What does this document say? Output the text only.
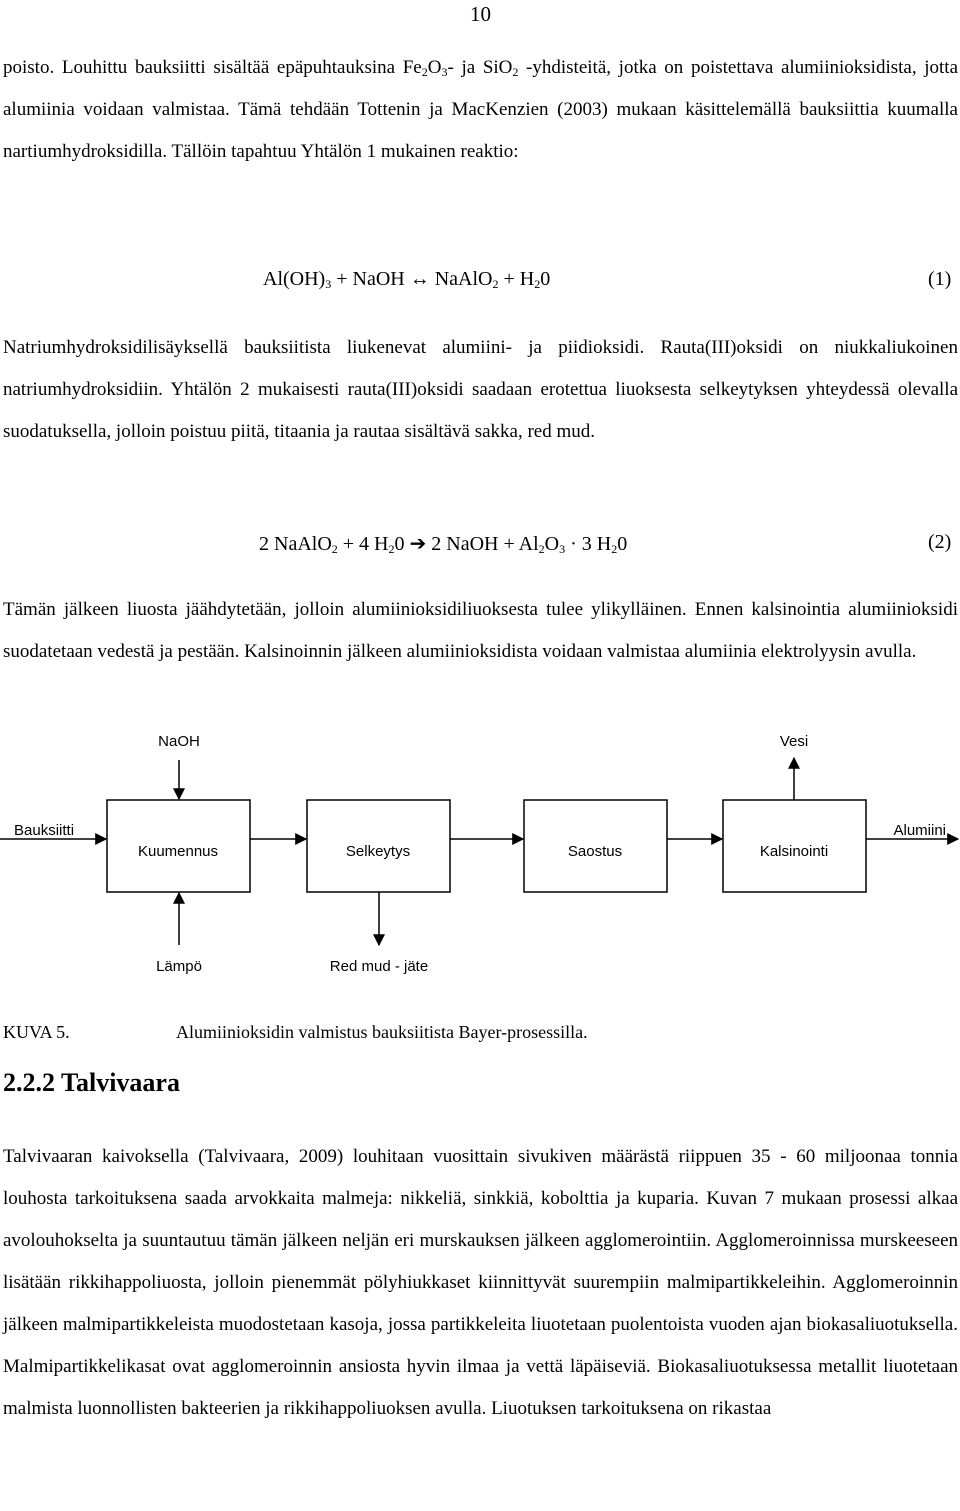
10

poisto. Louhittu bauksiitti sisältää epäpuhtauksina $Fe_2O_3-$ ja SiO$_2$ -yhdisteitä, jotka on poistettava alumiinioksidista, jotta alumiinia voidaan valmistaa. Tämä tehdään Tottenin ja MacKenzien (2003) mukaan käsittelemällä bauksiittia kuumalla nartiumhydroksidilla. Tällöin tapahtuu Yhtälön 1 mukainen reaktio:

$Al(OH)_3$ + NaOH ↔ NaAlO$_2$ + $H_20$	(1)

Natriumhydroksidilisäyksellä bauksiitista liukenevat alumiini- ja piidioksidi. Rauta(III)oksidi on niukkaliukoinen natriumhydroksidiin. Yhtälön 2 mukaisesti rauta(III)oksidi saadaan erotettua liuoksesta selkeytyksen yhteydessä olevalla suodatuksella, jolloin poistuu piitä, titaania ja rautaa sisältävä sakka, red mud.

2 NaAlO$_2$ + 4 $H_20$ ➔ 2 NaOH + $Al_2O_3 \cdot 3$ $H_20$	(2)

Tämän jälkeen liuosta jäähdytetään, jolloin alumiinioksidiliuoksesta tulee ylikylläinen. Ennen kalsinointia alumiinioksidi suodatetaan vedestä ja pestään. Kalsinoinnin jälkeen alumiinioksidista voidaan valmistaa alumiinia elektrolyysin avulla.

NaOH	Vesi
Bauksiitti	Alumiini
Kuumennus	Selkeytys	Saostus	Kalsinointi
Lämpö	Red mud - jäte
KUVA 5.	Alumiinioksidin valmistus bauksiitista Bayer-prosessilla.
2.2.2 Talvivaara

Talvivaaran kaivoksella (Talvivaara, 2009) louhitaan vuosittain sivukiven määrästä riippuen 35 - 60 miljoonaa tonnia louhosta tarkoituksena saada arvokkaita malmeja: nikkeliä, sinkkiä, kobolttia ja kuparia. Kuvan 7 mukaan prosessi alkaa avolouhokselta ja suuntautuu tämän jälkeen neljän eri murskauksen jälkeen agglomerointiin. Agglomeroinnissa murskeeseen lisätään rikkihappoliuosta, jolloin pienemmät pölyhiukkaset kiinnittyvät suurempiin malmipartikkeleihin. Agglomeroinnin jälkeen malmipartikkeleista muodostetaan kasoja, jossa partikkeleita liuotetaan puolentoista vuoden ajan biokasaliuotuksella. Malmipartikkelikasat ovat agglomeroinnin ansiosta hyvin ilmaa ja vettä läpäiseviä. Biokasaliuotuksessa metallit liuotetaan malmista luonnollisten bakteerien ja rikkihappoliuoksen avulla. Liuotuksen tarkoituksena on rikastaa
